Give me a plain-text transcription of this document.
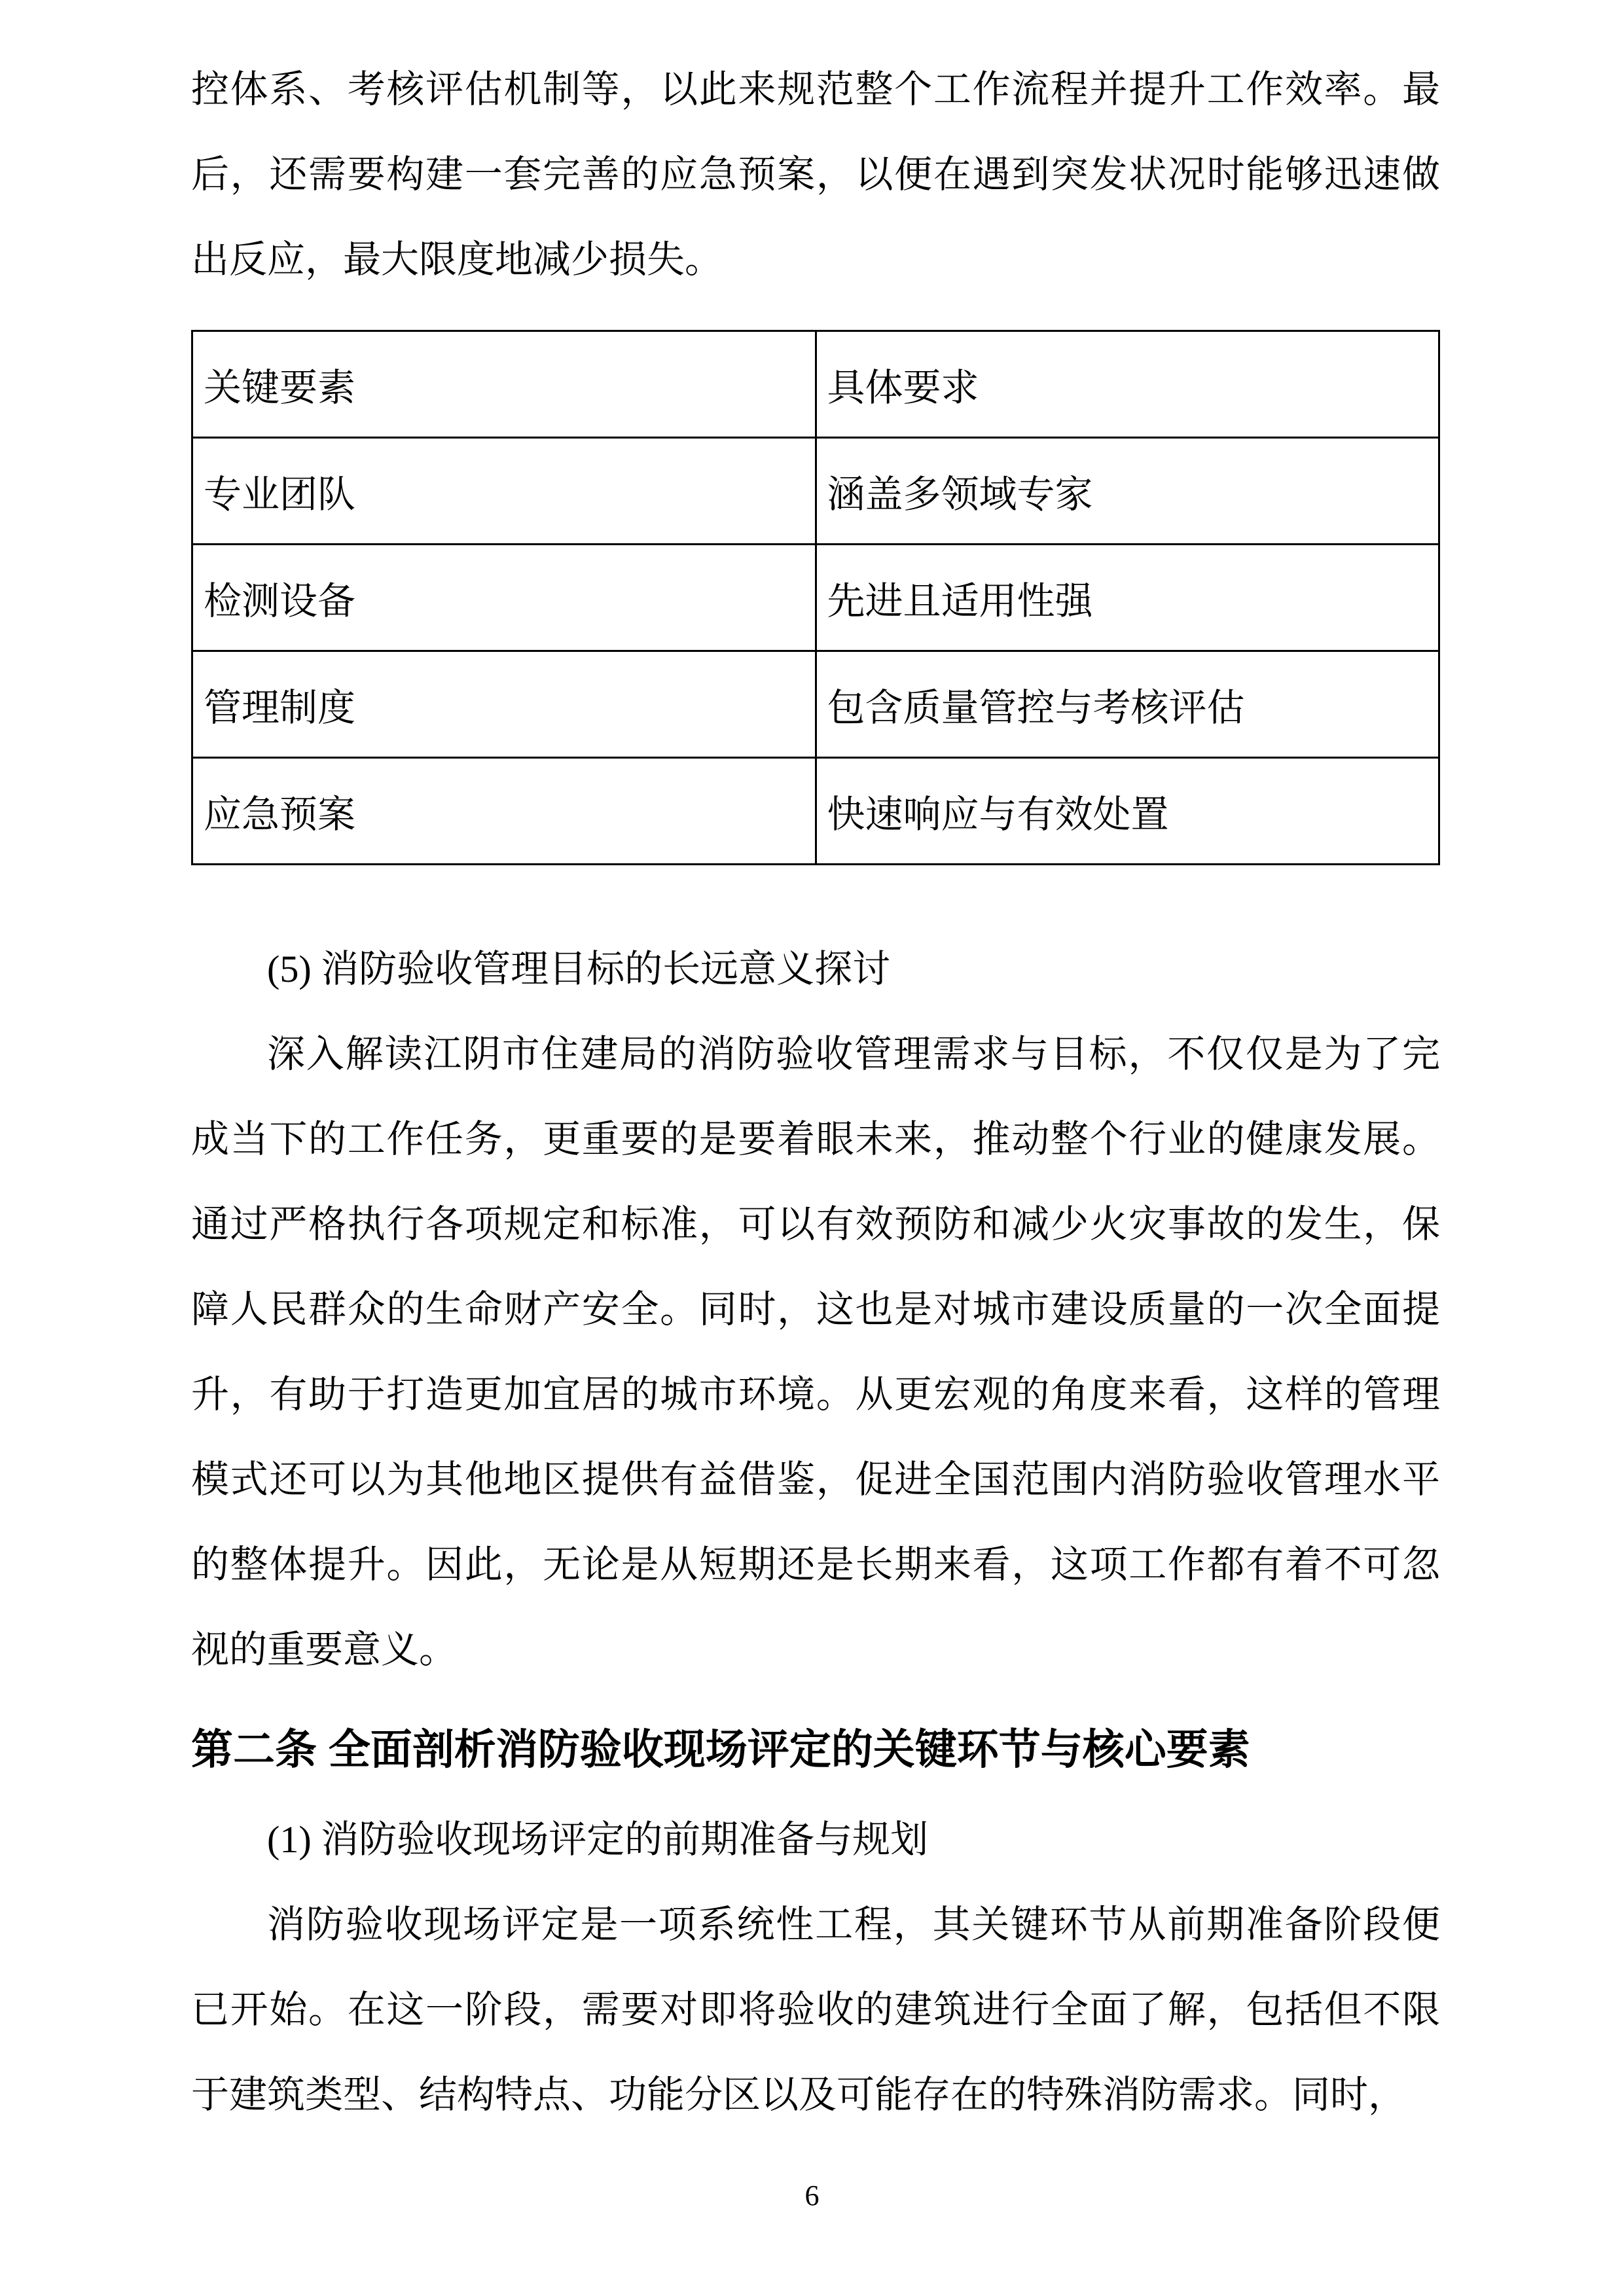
控体系、考核评估机制等，以此来规范整个工作流程并提升工作效率。最后，还需要构建一套完善的应急预案，以便在遇到突发状况时能够迅速做出反应，最大限度地减少损失。

关键要素	具体要求
专业团队	涵盖多领域专家
检测设备	先进且适用性强
管理制度	包含质量管控与考核评估
应急预案	快速响应与有效处置

(5) 消防验收管理目标的长远意义探讨

深入解读江阴市住建局的消防验收管理需求与目标，不仅仅是为了完成当下的工作任务，更重要的是要着眼未来，推动整个行业的健康发展。通过严格执行各项规定和标准，可以有效预防和减少火灾事故的发生，保障人民群众的生命财产安全。同时，这也是对城市建设质量的一次全面提升，有助于打造更加宜居的城市环境。从更宏观的角度来看，这样的管理模式还可以为其他地区提供有益借鉴，促进全国范围内消防验收管理水平的整体提升。因此，无论是从短期还是长期来看，这项工作都有着不可忽视的重要意义。

第二条 全面剖析消防验收现场评定的关键环节与核心要素

(1) 消防验收现场评定的前期准备与规划

消防验收现场评定是一项系统性工程，其关键环节从前期准备阶段便已开始。在这一阶段，需要对即将验收的建筑进行全面了解，包括但不限于建筑类型、结构特点、功能分区以及可能存在的特殊消防需求。同时，

6
